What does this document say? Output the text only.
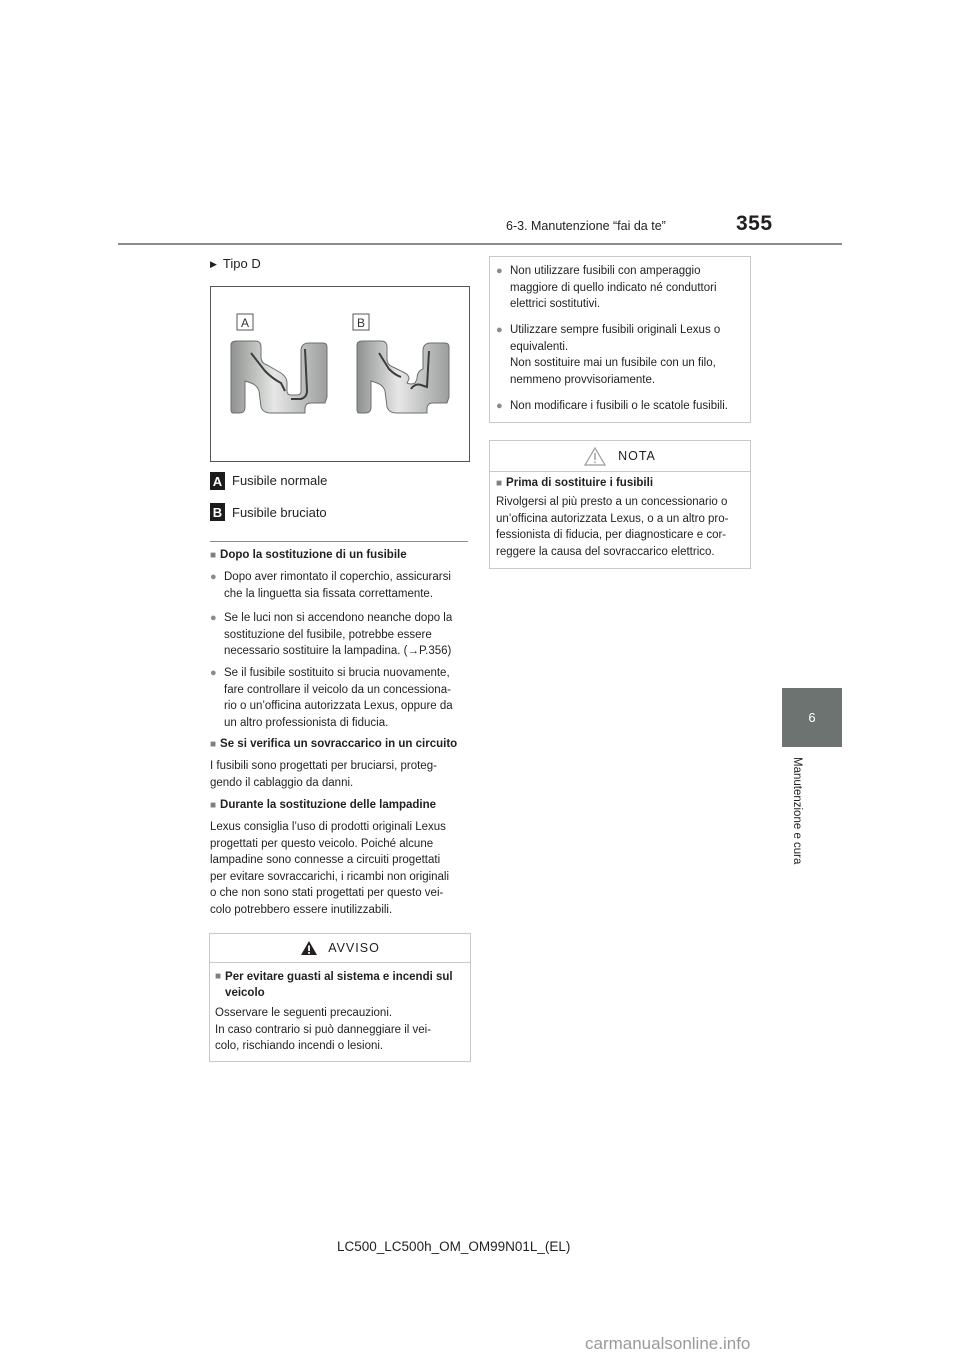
6-3. Manutenzione “fai da te”	355
6
Manutenzione e cura
▶ Tipo D
A	B
A Fusibile normale
B Fusibile bruciato
■ Dopo la sostituzione di un fusibile
● Dopo aver rimontato il coperchio, assicurarsi
che la linguetta sia fissata correttamente.
● Se le luci non si accendono neanche dopo la
sostituzione del fusibile, potrebbe essere
necessario sostituire la lampadina. (→P.356)
● Se il fusibile sostituito si brucia nuovamente,
fare controllare il veicolo da un concessiona-
rio o un’officina autorizzata Lexus, oppure da
un altro professionista di fiducia.
■ Se si verifica un sovraccarico in un circuito
I fusibili sono progettati per bruciarsi, proteg-
gendo il cablaggio da danni.
■ Durante la sostituzione delle lampadine
Lexus consiglia l’uso di prodotti originali Lexus
progettati per questo veicolo. Poiché alcune
lampadine sono connesse a circuiti progettati
per evitare sovraccarichi, i ricambi non originali
o che non sono stati progettati per questo vei-
colo potrebbero essere inutilizzabili.
AVVISO
■ Per evitare guasti al sistema e incendi sul
veicolo
Osservare le seguenti precauzioni.
In caso contrario si può danneggiare il vei-
colo, rischiando incendi o lesioni.
● Non utilizzare fusibili con amperaggio
maggiore di quello indicato né conduttori
elettrici sostitutivi.
● Utilizzare sempre fusibili originali Lexus o
equivalenti.
Non sostituire mai un fusibile con un filo,
nemmeno provvisoriamente.
● Non modificare i fusibili o le scatole fusibili.
NOTA
■ Prima di sostituire i fusibili
Rivolgersi al più presto a un concessionario o
un’officina autorizzata Lexus, o a un altro pro-
fessionista di fiducia, per diagnosticare e cor-
reggere la causa del sovraccarico elettrico.
LC500_LC500h_OM_OM99N01L_(EL)
carmanualsonline.info
